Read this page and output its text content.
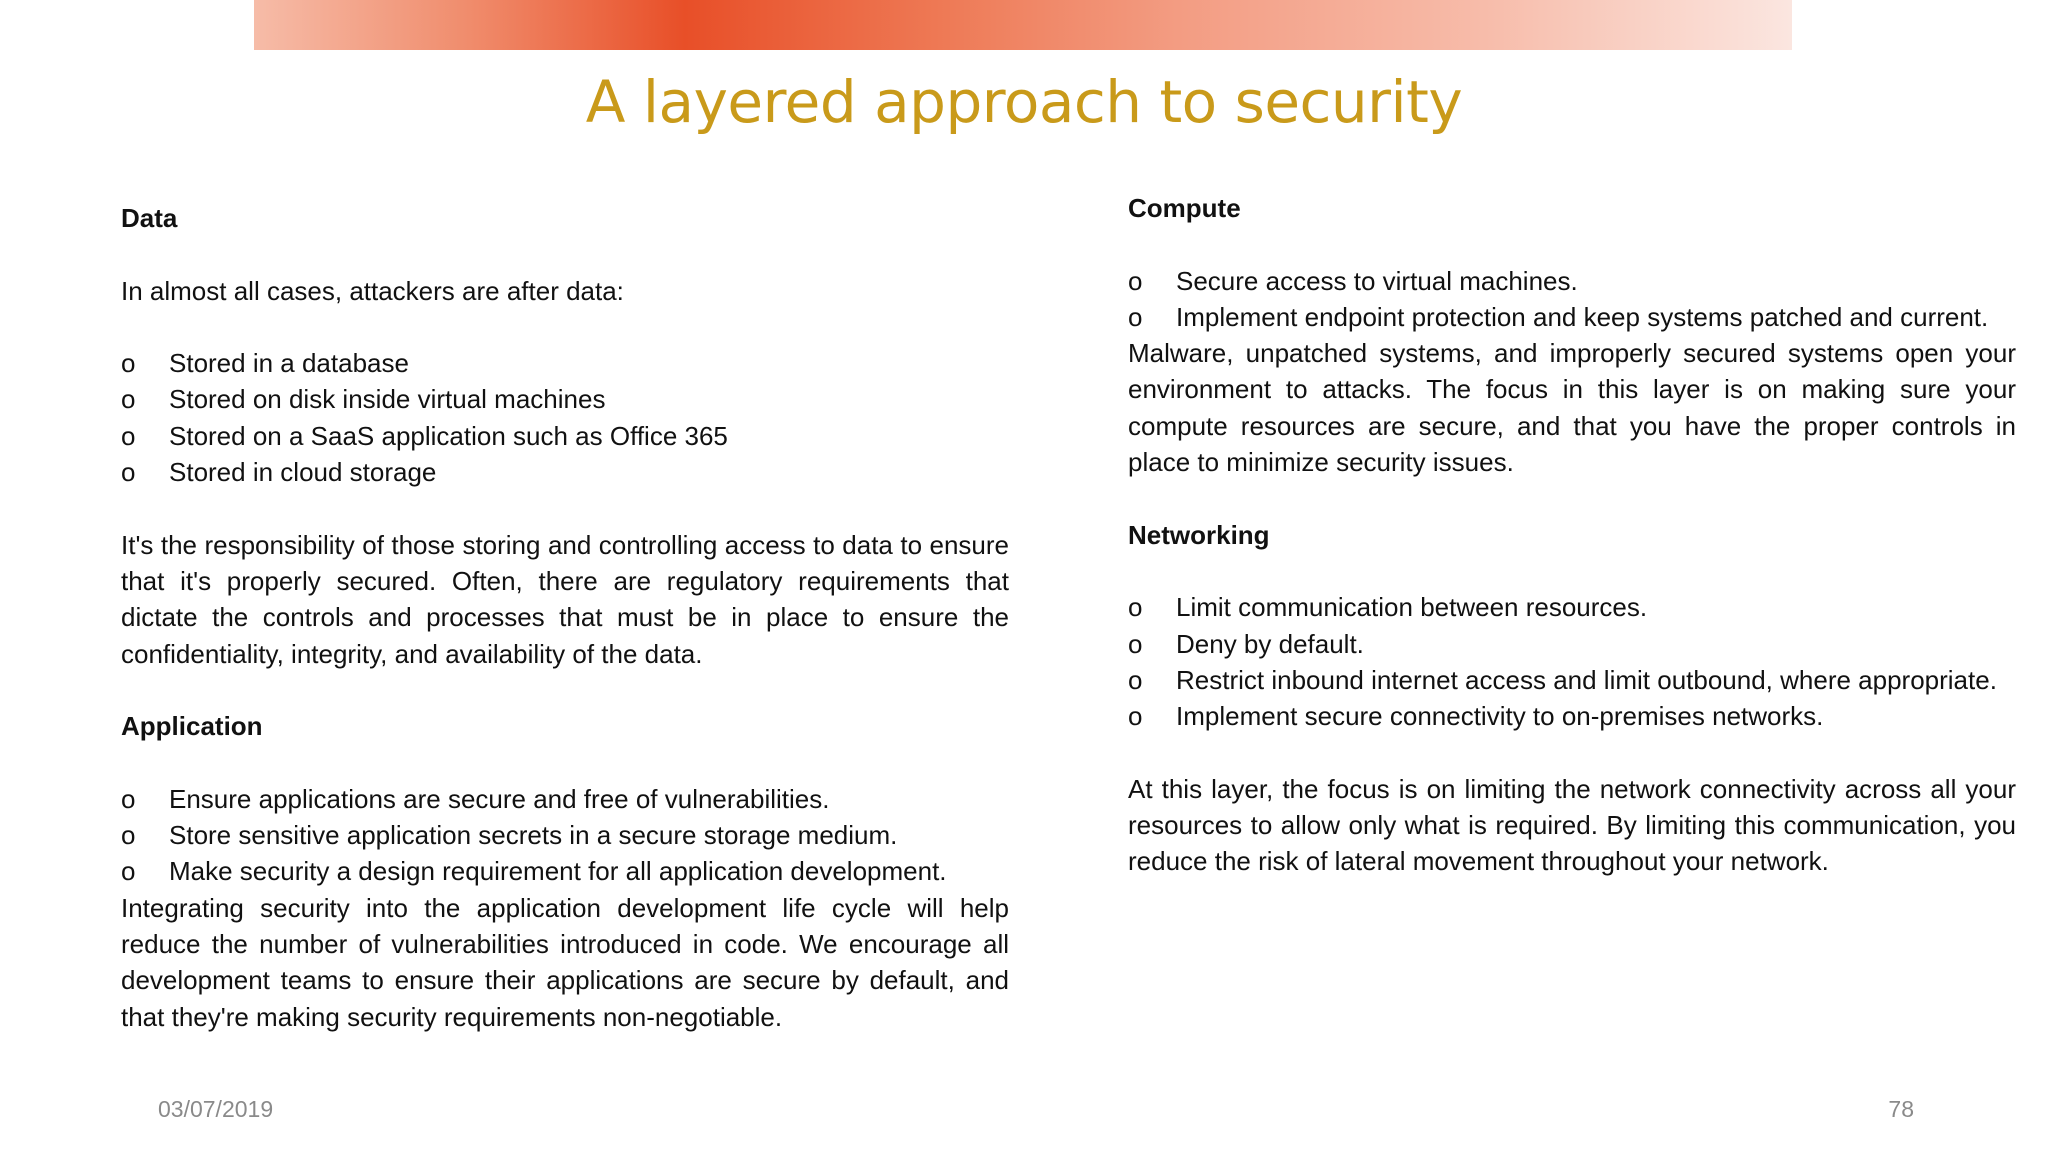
A layered approach to security
Data
In almost all cases, attackers are after data:
o	Stored in a database
o	Stored on disk inside virtual machines
o	Stored on a SaaS application such as Office 365
o	Stored in cloud storage
It's the responsibility of those storing and controlling access to data to ensure that it's properly secured. Often, there are regulatory requirements that dictate the controls and processes that must be in place to ensure the confidentiality, integrity, and availability of the data.
Application
o	Ensure applications are secure and free of vulnerabilities.
o	Store sensitive application secrets in a secure storage medium.
o	Make security a design requirement for all application development.
Integrating security into the application development life cycle will help reduce the number of vulnerabilities introduced in code. We encourage all development teams to ensure their applications are secure by default, and that they're making security requirements non-negotiable.
Compute
o	Secure access to virtual machines.
o	Implement endpoint protection and keep systems patched and current.
Malware, unpatched systems, and improperly secured systems open your environment to attacks. The focus in this layer is on making sure your compute resources are secure, and that you have the proper controls in place to minimize security issues.
Networking
o	Limit communication between resources.
o	Deny by default.
o	Restrict inbound internet access and limit outbound, where appropriate.
o	Implement secure connectivity to on-premises networks.
At this layer, the focus is on limiting the network connectivity across all your resources to allow only what is required. By limiting this communication, you reduce the risk of lateral movement throughout your network.
03/07/2019	78
